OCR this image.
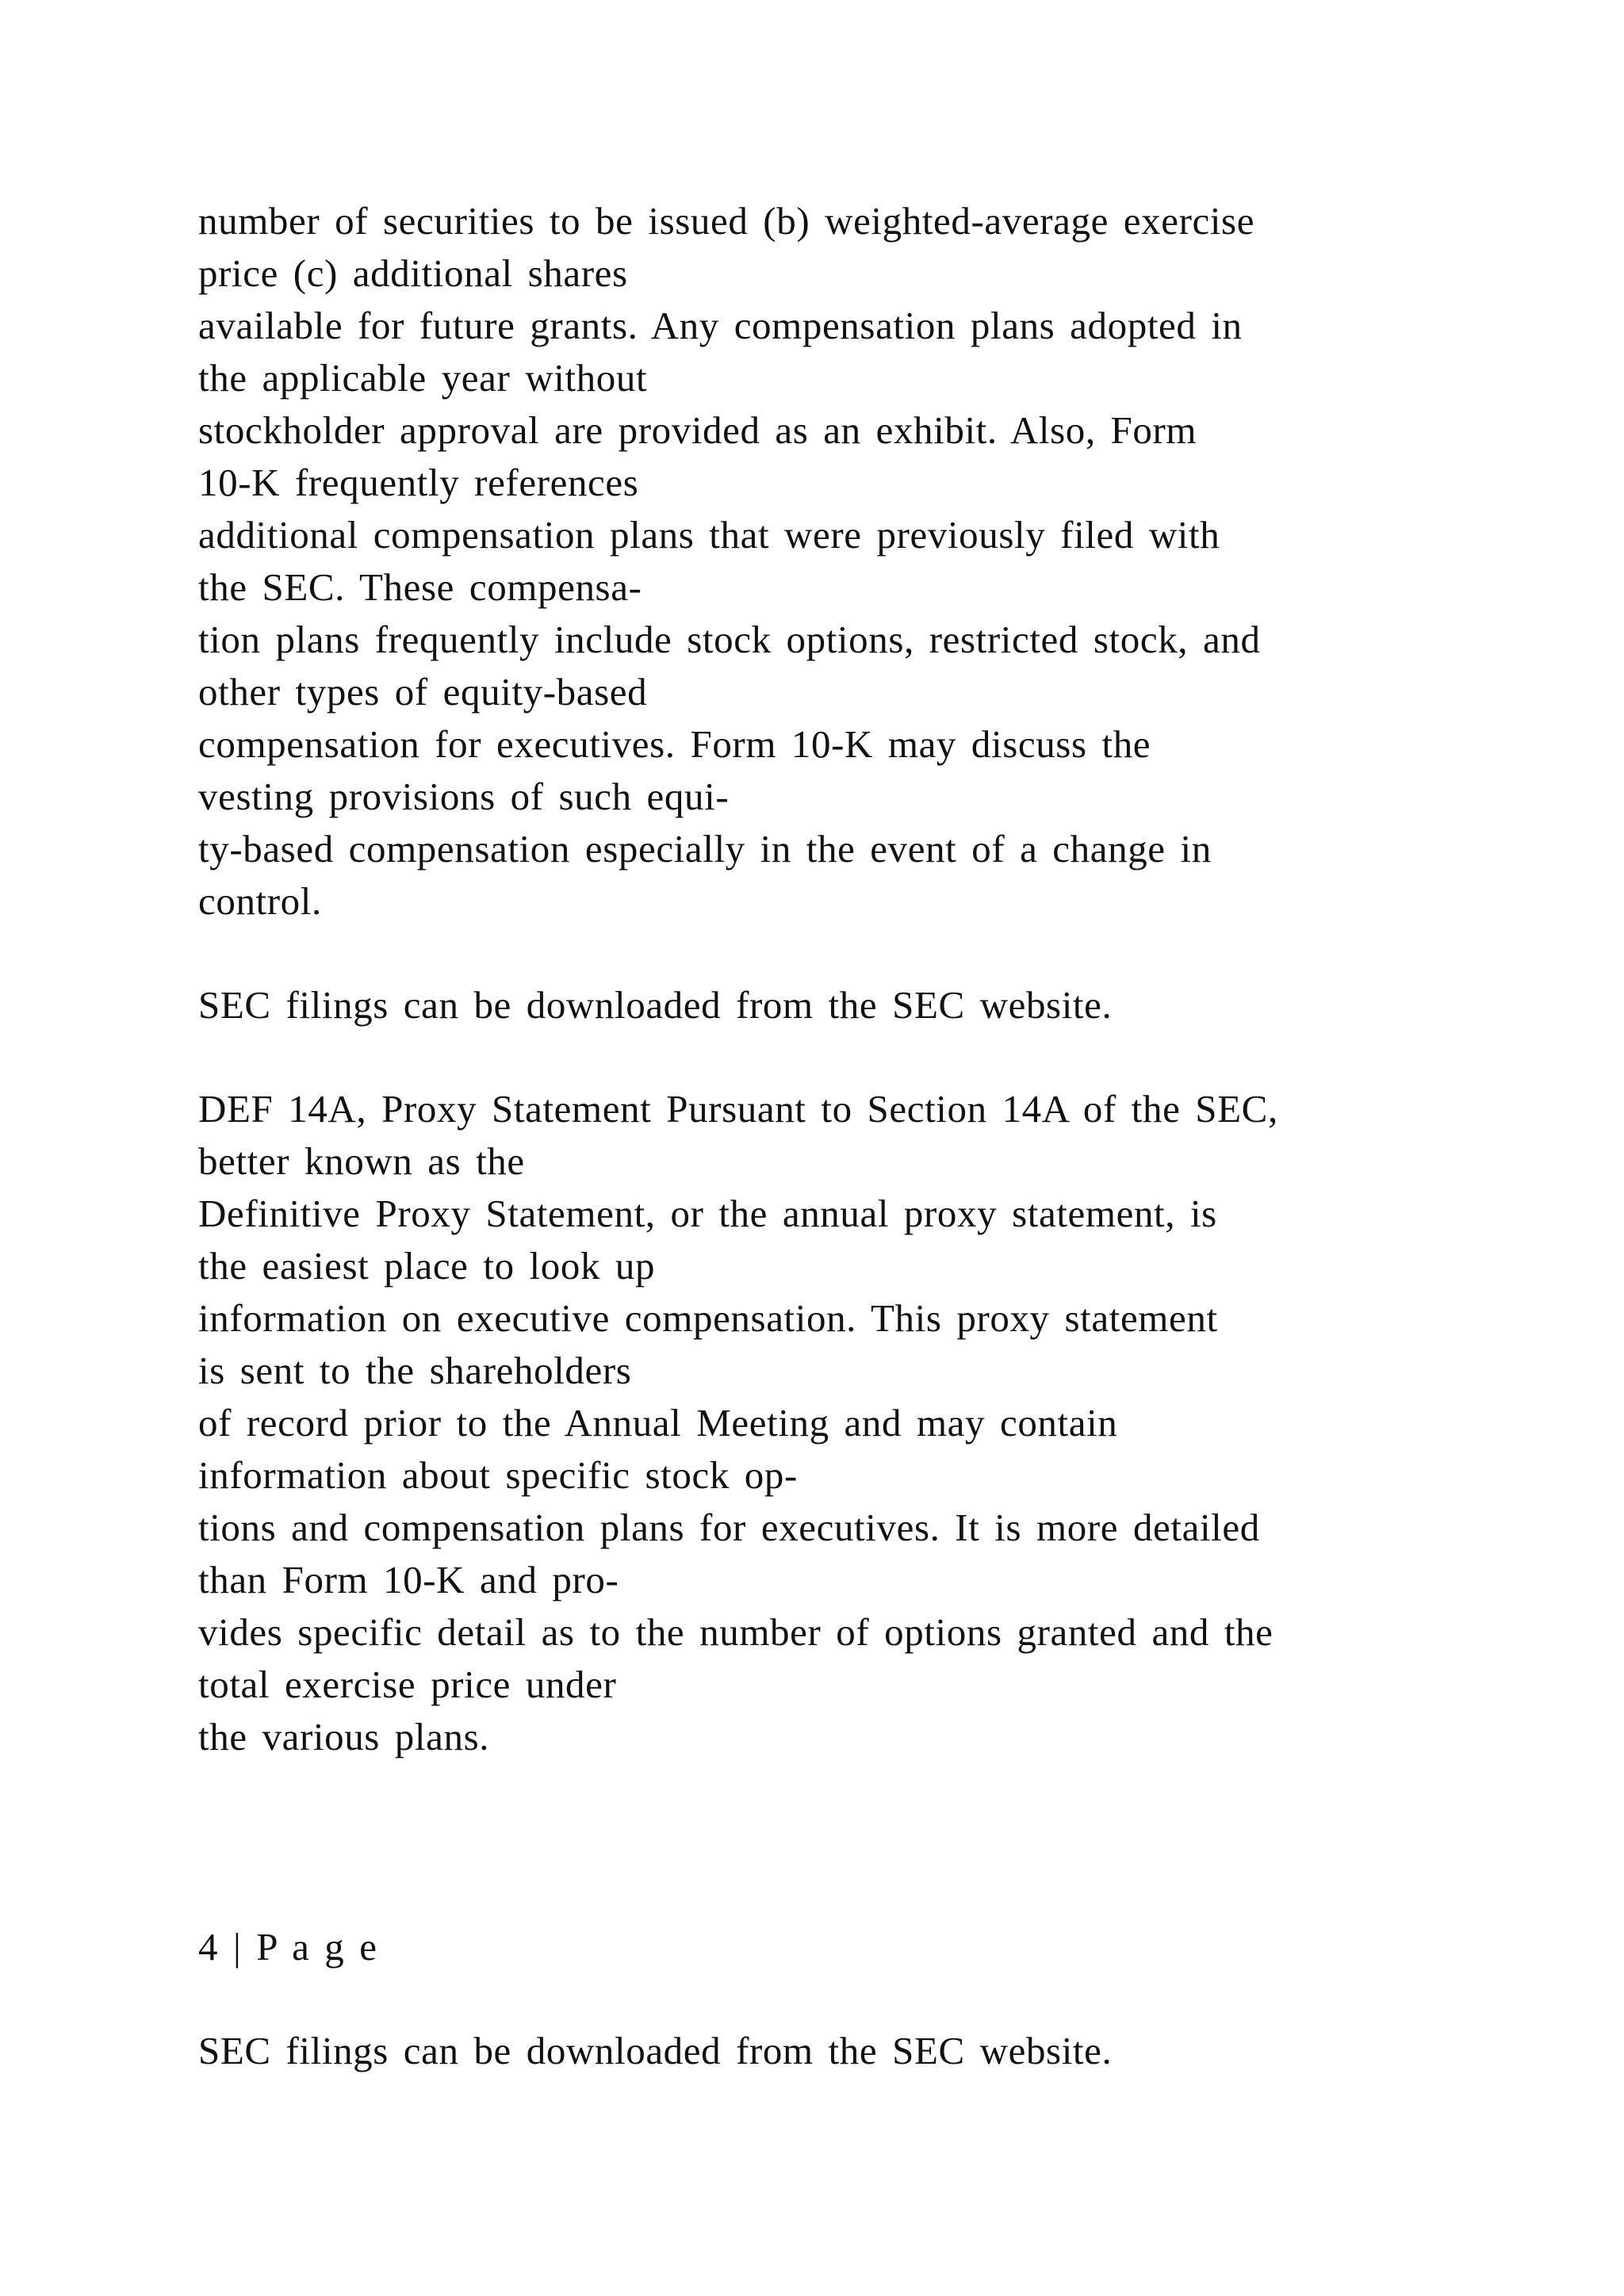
number of securities to be issued (b) weighted-average exercise
price (c) additional shares
available for future grants. Any compensation plans adopted in
the applicable year without
stockholder approval are provided as an exhibit. Also, Form
10-K frequently references
additional compensation plans that were previously filed with
the SEC. These compensa-
tion plans frequently include stock options, restricted stock, and
other types of equity-based
compensation for executives. Form 10-K may discuss the
vesting provisions of such equi-
ty-based compensation especially in the event of a change in
control.
SEC filings can be downloaded from the SEC website.
DEF 14A, Proxy Statement Pursuant to Section 14A of the SEC,
better known as the
Definitive Proxy Statement, or the annual proxy statement, is
the easiest place to look up
information on executive compensation. This proxy statement
is sent to the shareholders
of record prior to the Annual Meeting and may contain
information about specific stock op-
tions and compensation plans for executives. It is more detailed
than Form 10-K and pro-
vides specific detail as to the number of options granted and the
total exercise price under
the various plans.
4 | P a g e
SEC filings can be downloaded from the SEC website.
